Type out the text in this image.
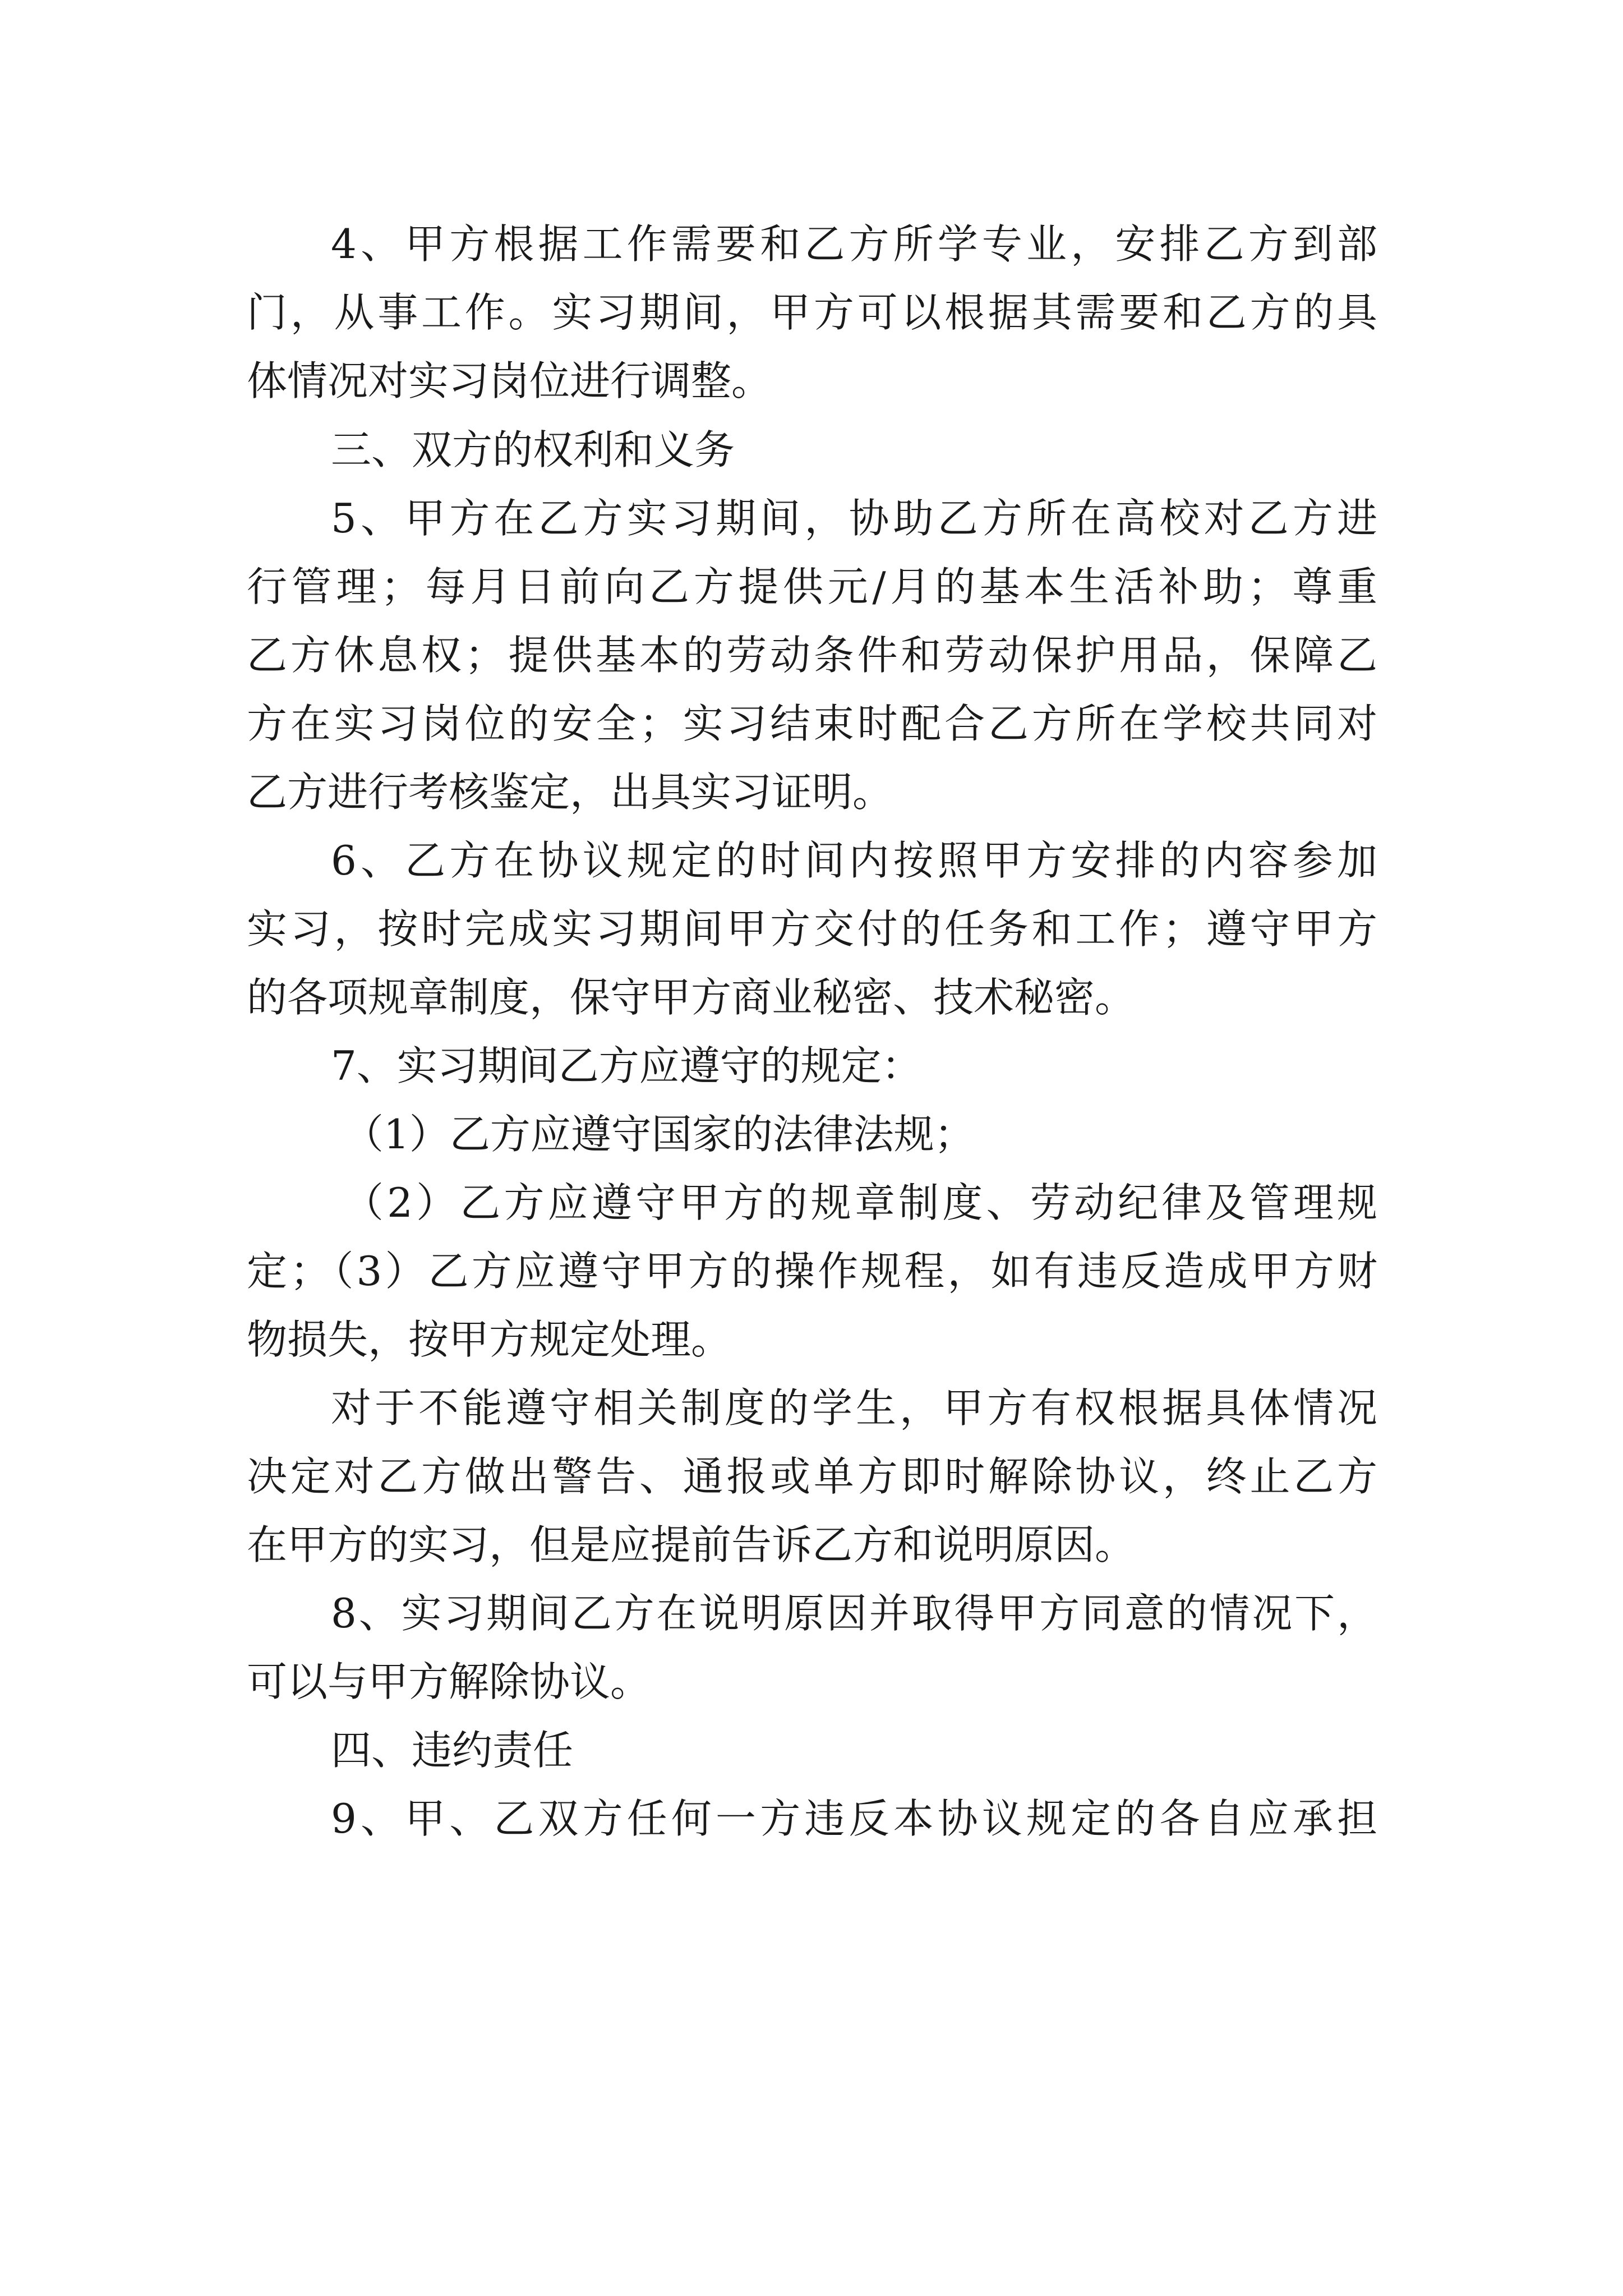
4、甲方根据工作需要和乙方所学专业，安排乙方到部

门，从事工作。实习期间，甲方可以根据其需要和乙方的具

体情况对实习岗位进行调整。

三、双方的权利和义务

5、甲方在乙方实习期间，协助乙方所在高校对乙方进

行管理；每月日前向乙方提供元/月的基本生活补助；尊重

乙方休息权；提供基本的劳动条件和劳动保护用品，保障乙

方在实习岗位的安全；实习结束时配合乙方所在学校共同对

乙方进行考核鉴定，出具实习证明。

6、乙方在协议规定的时间内按照甲方安排的内容参加

实习，按时完成实习期间甲方交付的任务和工作；遵守甲方

的各项规章制度，保守甲方商业秘密、技术秘密。

7、实习期间乙方应遵守的规定：

（1）乙方应遵守国家的法律法规；

（2）乙方应遵守甲方的规章制度、劳动纪律及管理规

定；（3）乙方应遵守甲方的操作规程，如有违反造成甲方财

物损失，按甲方规定处理。

对于不能遵守相关制度的学生，甲方有权根据具体情况

决定对乙方做出警告、通报或单方即时解除协议，终止乙方

在甲方的实习，但是应提前告诉乙方和说明原因。

8、实习期间乙方在说明原因并取得甲方同意的情况下，

可以与甲方解除协议。

四、违约责任

9、甲、乙双方任何一方违反本协议规定的各自应承担
